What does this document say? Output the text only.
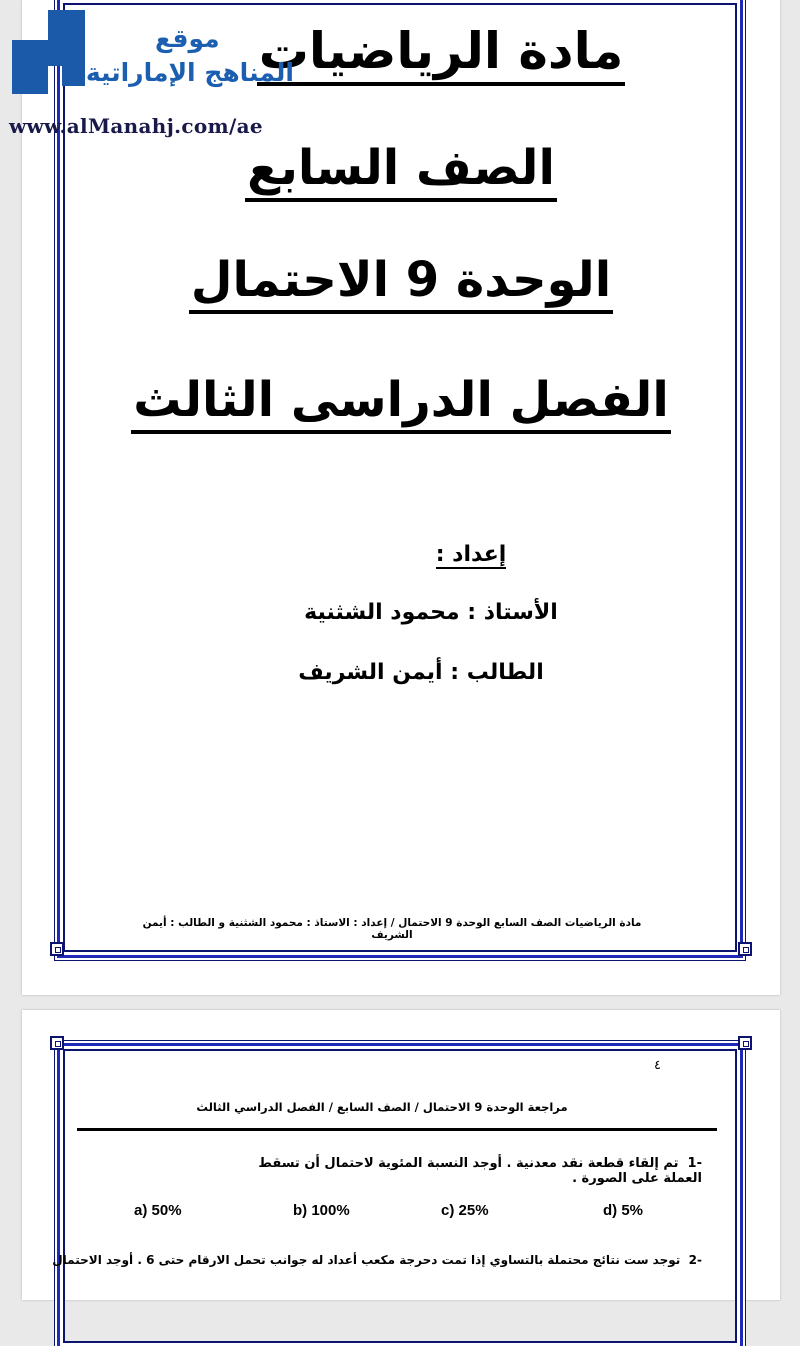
مادة الرياضيات
الصف السابع
الوحدة 9 الاحتمال
الفصل الدراسى الثالث
إعداد :
الأستاذ : محمود الشثنية
الطالب : أيمن الشريف
مادة الرياضيات الصف السابع الوحدة 9 الاحتمال / إعداد : الاستاذ : محمود الشثنية و الطالب : أيمن الشريف
موقع
المناهج الإماراتية
www.alManahj.com/ae
٤
مراجعة الوحدة 9 الاحتمال / الصف السابع / الفصل الدراسي الثالث
-1  تم إلقاء قطعة نقد معدنية . أوجد النسبة المئوية لاحتمال أن تسقط العملة على الصورة .
a) 50%	b) 100%	c) 25%	d) 5%
-2  توجد ست نتائج محتملة بالتساوي إذا تمت دحرجة مكعب أعداد له جوانب تحمل الارقام حتى 6 . أوجد الاحتمال
